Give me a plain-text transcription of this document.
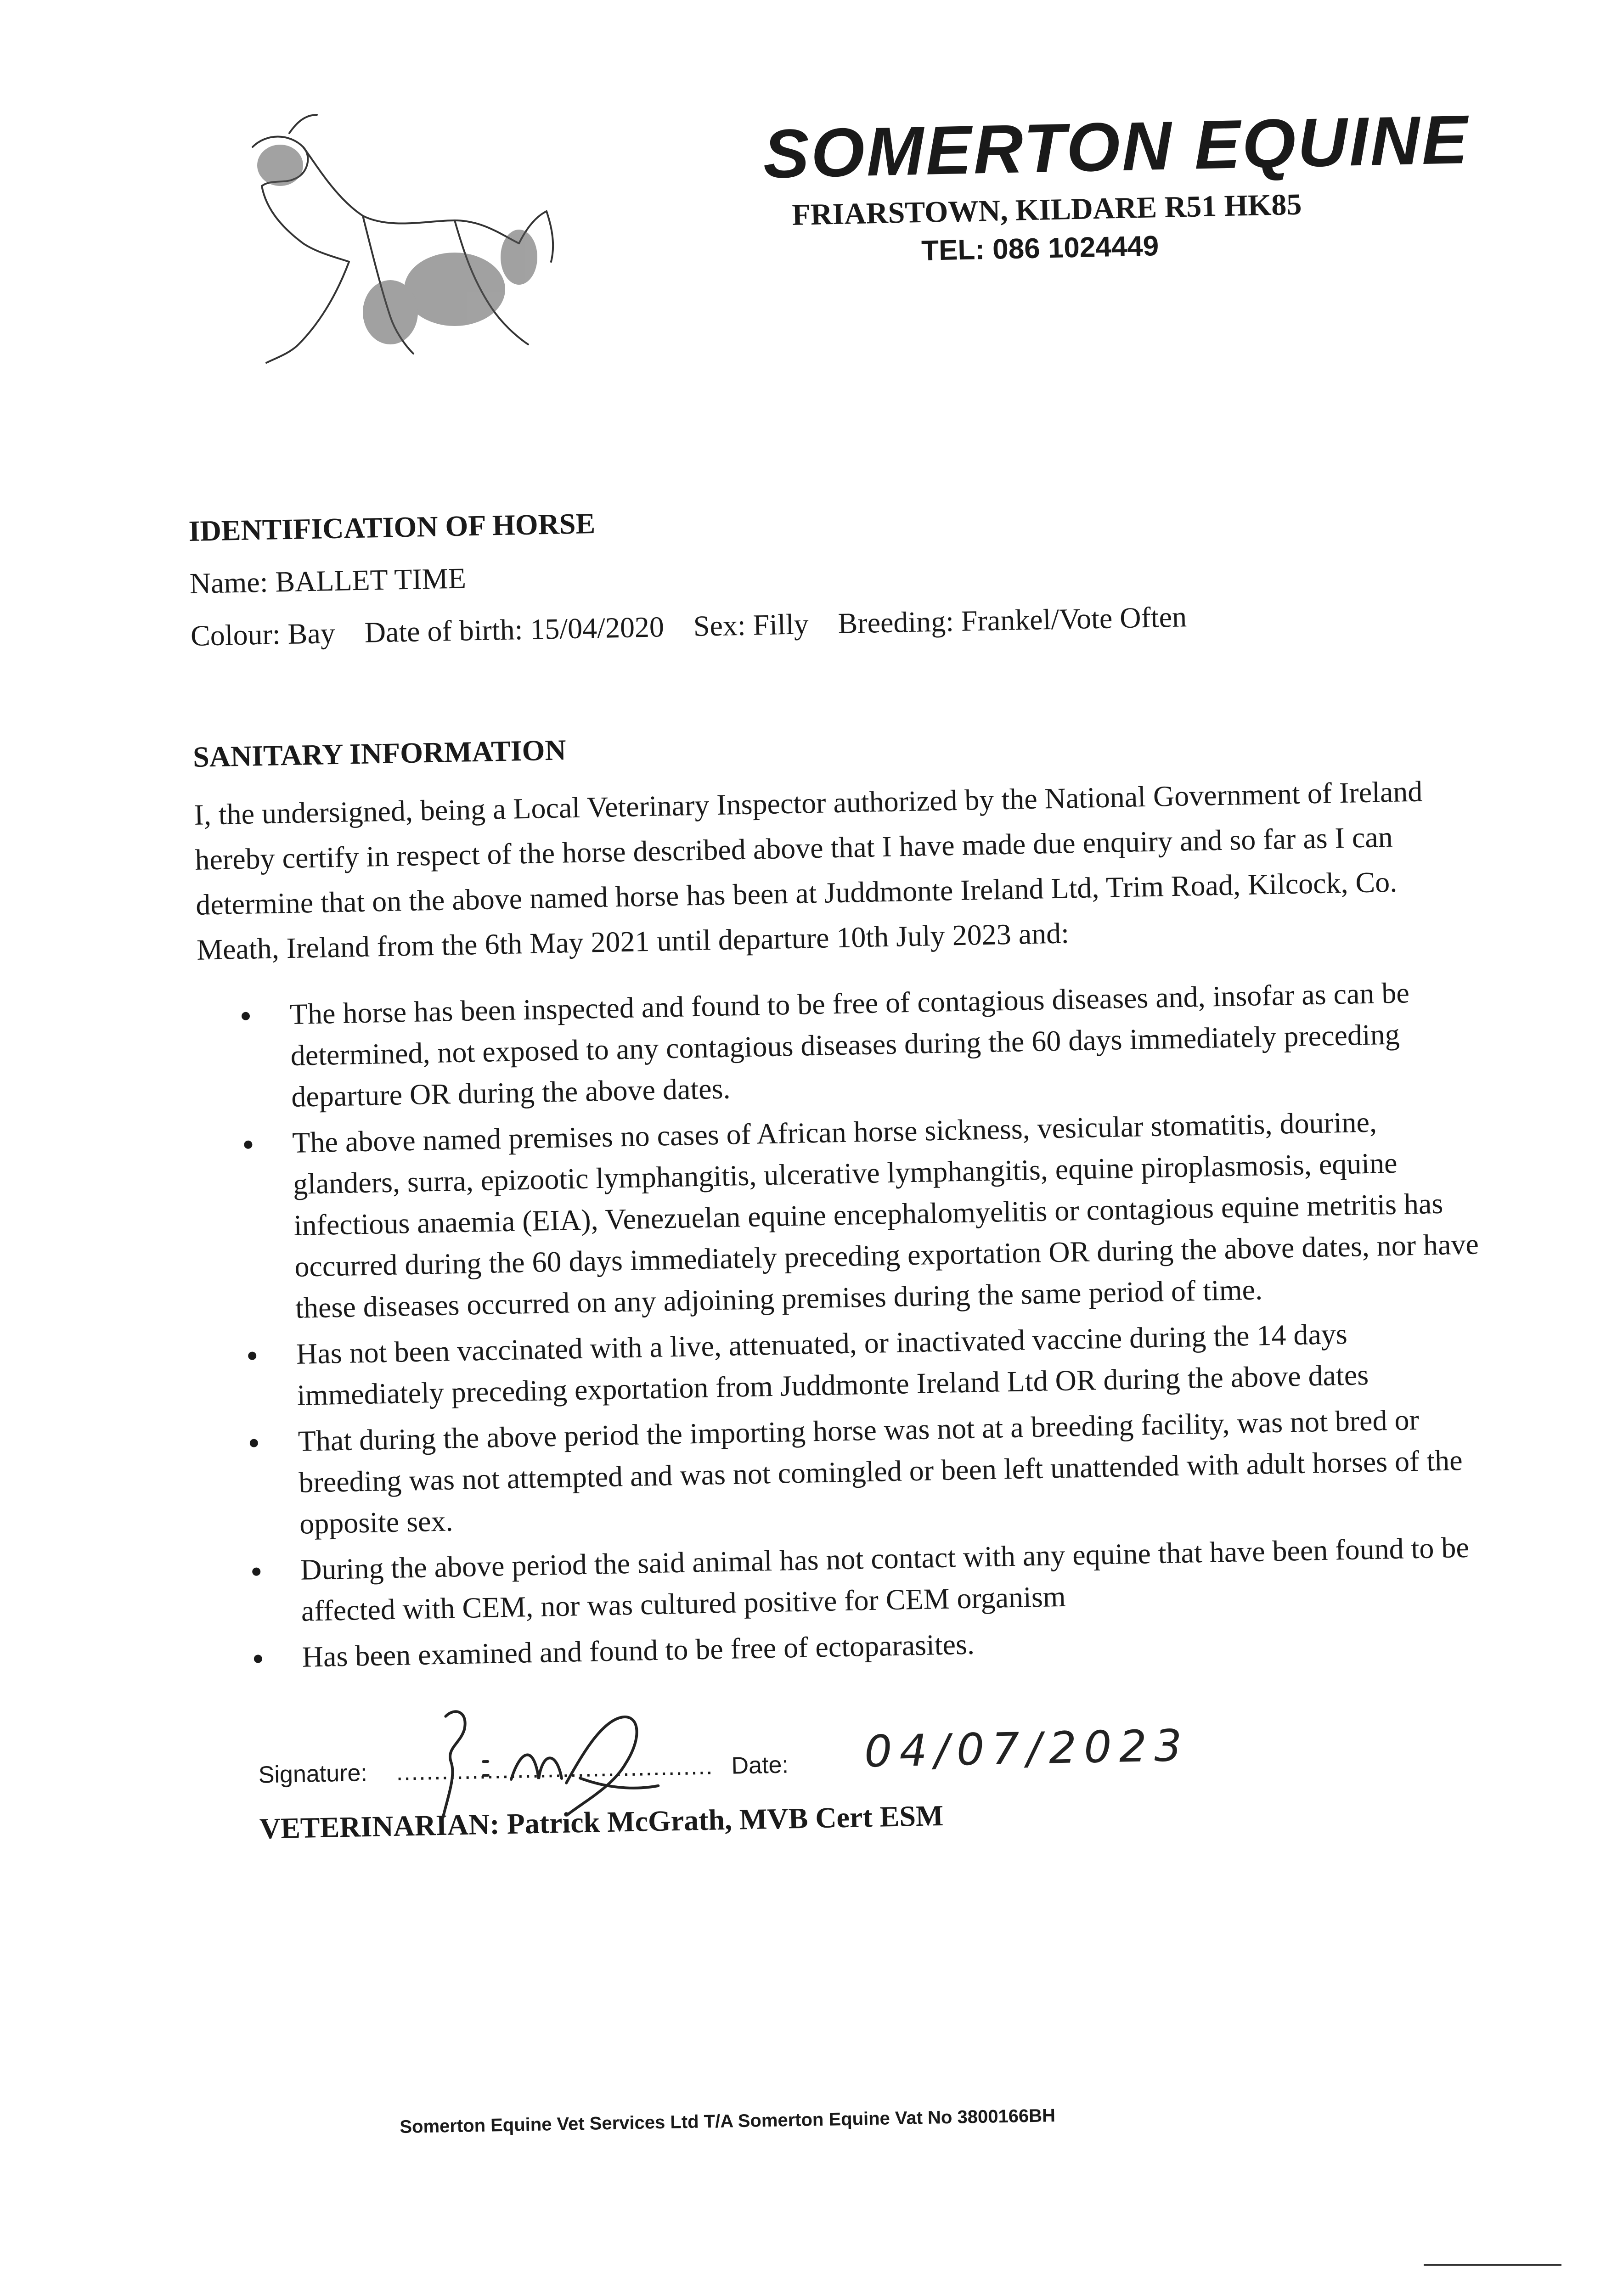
SOMERTON EQUINE
FRIARSTOWN, KILDARE R51 HK85
TEL: 086 1024449

IDENTIFICATION OF HORSE

Name: BALLET TIME
Colour: Bay Date of birth: 15/04/2020 Sex: Filly Breeding: Frankel/Vote Often

SANITARY INFORMATION

I, the undersigned, being a Local Veterinary Inspector authorized by the National Government of Ireland hereby certify in respect of the horse described above that I have made due enquiry and so far as I can determine that on the above named horse has been at Juddmonte Ireland Ltd, Trim Road, Kilcock, Co. Meath, Ireland from the 6th May 2021 until departure 10th July 2023 and:
The horse has been inspected and found to be free of contagious diseases and, insofar as can be determined, not exposed to any contagious diseases during the 60 days immediately preceding departure OR during the above dates.
The above named premises no cases of African horse sickness, vesicular stomatitis, dourine, glanders, surra, epizootic lymphangitis, ulcerative lymphangitis, equine piroplasmosis, equine infectious anaemia (EIA), Venezuelan equine encephalomyelitis or contagious equine metritis has occurred during the 60 days immediately preceding exportation OR during the above dates, nor have these diseases occurred on any adjoining premises during the same period of time.
Has not been vaccinated with a live, attenuated, or inactivated vaccine during the 14 days immediately preceding exportation from Juddmonte Ireland Ltd OR during the above dates
That during the above period the importing horse was not at a breeding facility, was not bred or breeding was not attempted and was not comingled or been left unattended with adult horses of the opposite sex.
During the above period the said animal has not contact with any equine that have been found to be affected with CEM, nor was cultured positive for CEM organism
Has been examined and found to be free of ectoparasites.
Signature: .......................................... Date: 04/07/2023
VETERINARIAN: Patrick McGrath, MVB Cert ESM
Somerton Equine Vet Services Ltd T/A Somerton Equine Vat No 3800166BH
